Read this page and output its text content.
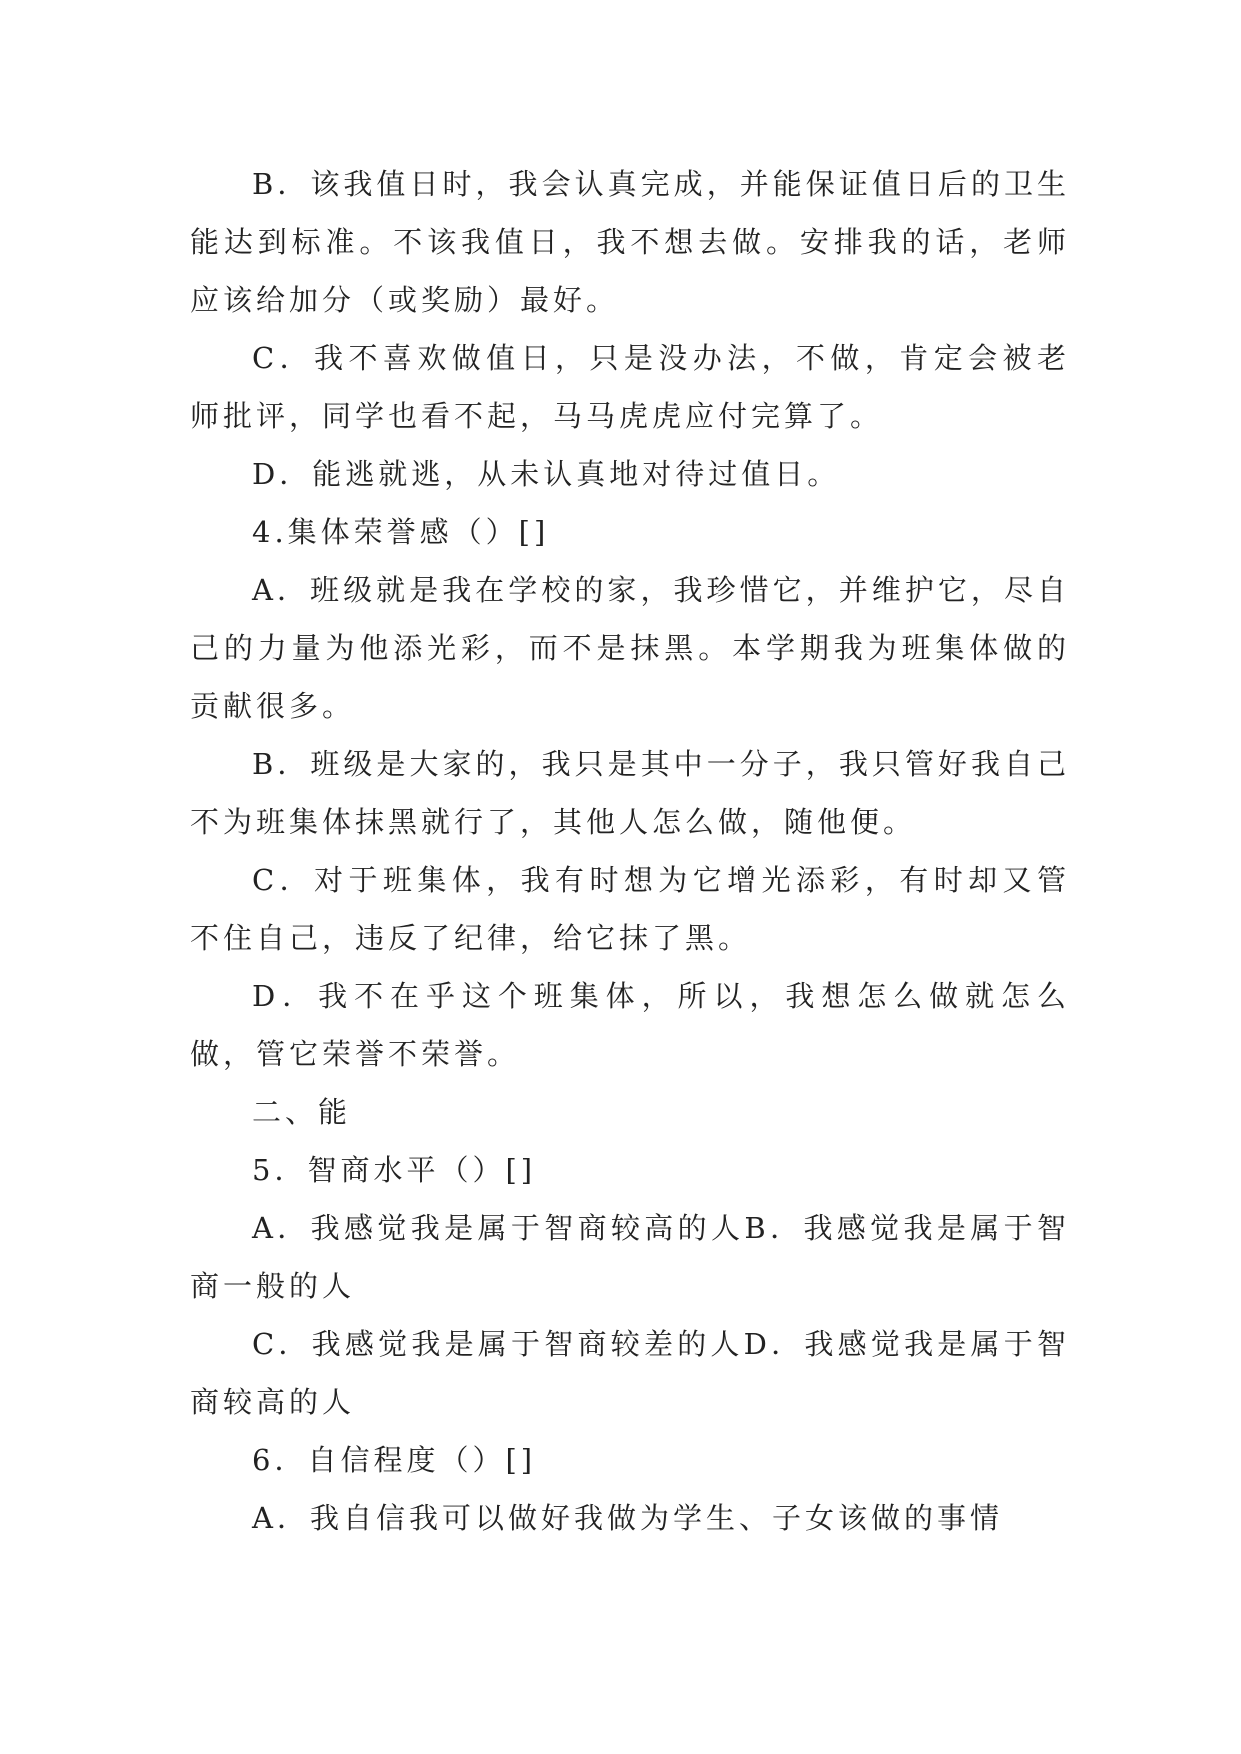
B．该我值日时，我会认真完成，并能保证值日后的卫生能达到标准。不该我值日，我不想去做。安排我的话，老师应该给加分（或奖励）最好。

C．我不喜欢做值日，只是没办法，不做，肯定会被老师批评，同学也看不起，马马虎虎应付完算了。

D．能逃就逃，从未认真地对待过值日。

4.集体荣誉感（）[]

A．班级就是我在学校的家，我珍惜它，并维护它，尽自己的力量为他添光彩，而不是抹黑。本学期我为班集体做的贡献很多。

B．班级是大家的，我只是其中一分子，我只管好我自己不为班集体抹黑就行了，其他人怎么做，随他便。

C．对于班集体，我有时想为它增光添彩，有时却又管不住自己，违反了纪律，给它抹了黑。

D．我不在乎这个班集体，所以，我想怎么做就怎么做，管它荣誉不荣誉。

二、能

5．智商水平（）[]

A．我感觉我是属于智商较高的人B．我感觉我是属于智商一般的人

C．我感觉我是属于智商较差的人D．我感觉我是属于智商较高的人

6．自信程度（）[]

A．我自信我可以做好我做为学生、子女该做的事情
